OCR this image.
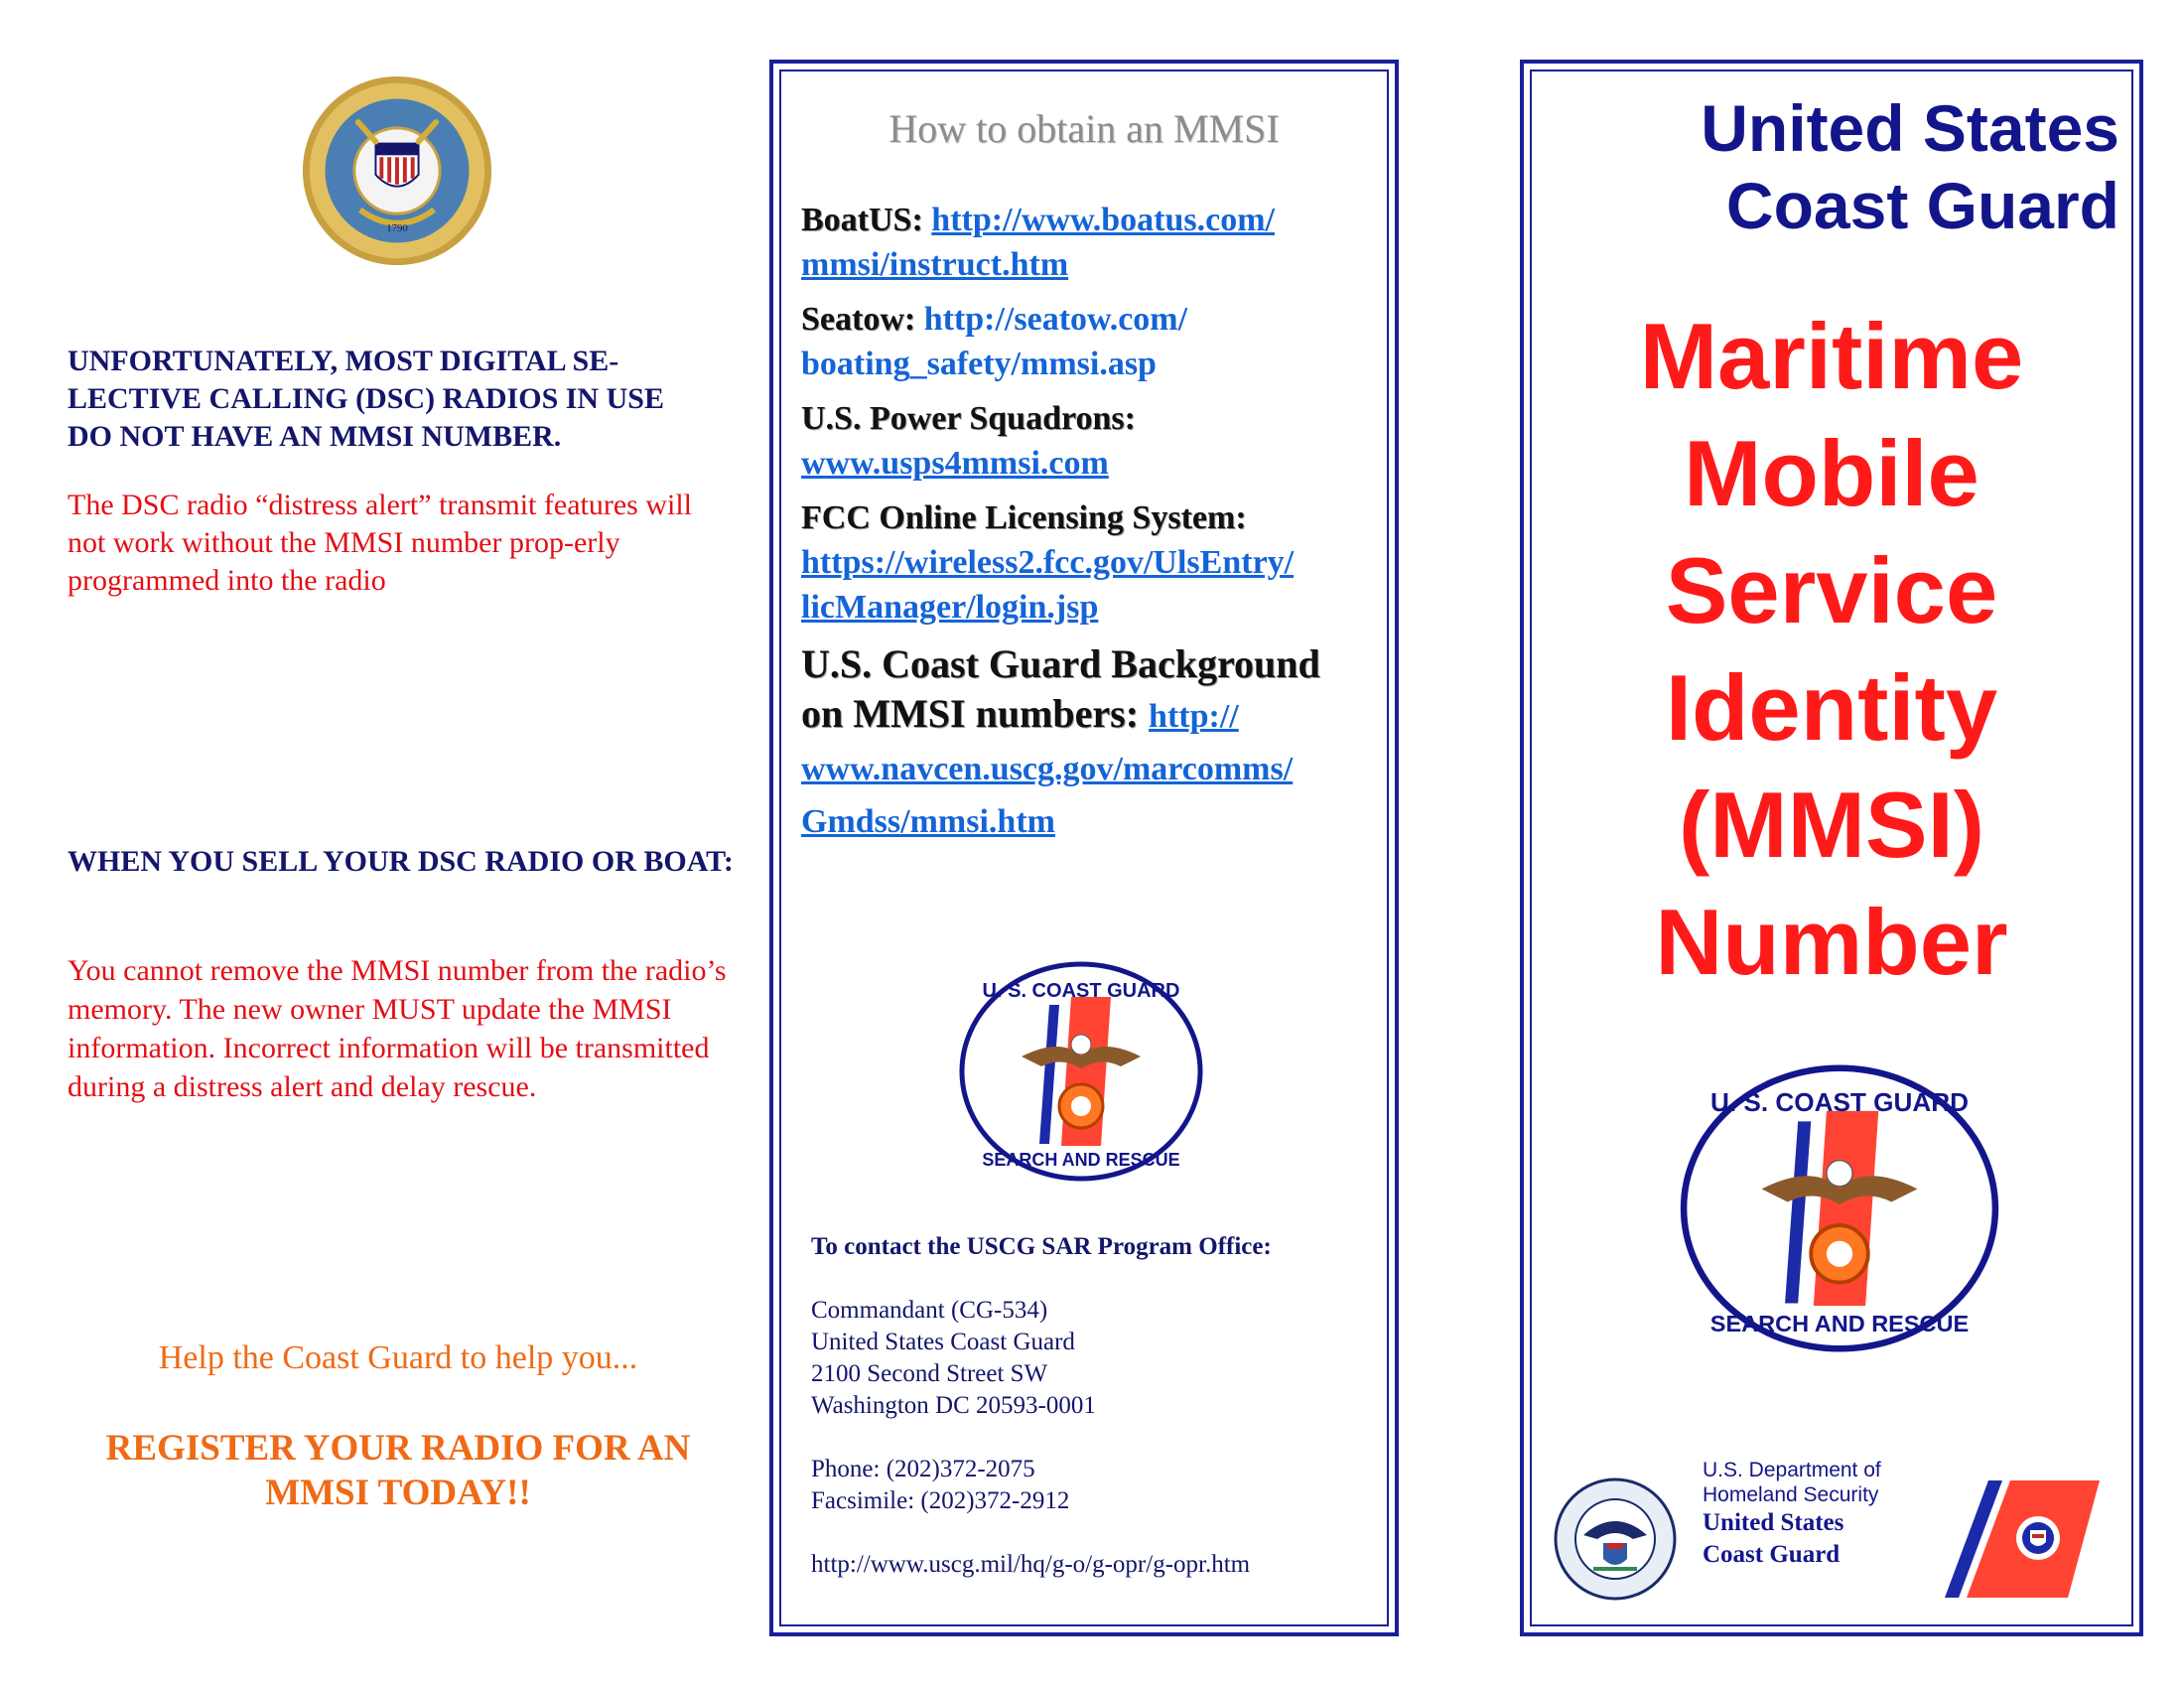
1790
UNFORTUNATELY, MOST DIGITAL SE-LECTIVE CALLING (DSC) RADIOS IN USE DO NOT HAVE AN MMSI NUMBER.
The DSC radio “distress alert” transmit features will not work without the MMSI number prop-erly programmed into the radio
WHEN YOU SELL YOUR DSC RADIO OR BOAT:
You cannot remove the MMSI number from the radio’s memory. The new owner MUST update the MMSI information. Incorrect information will be transmitted during a distress alert and delay rescue.
Help the Coast Guard to help you...
REGISTER YOUR RADIO FOR AN
MMSI TODAY!!
How to obtain an MMSI
BoatUS: http://www.boatus.com/
mmsi/instruct.htm
Seatow: http://seatow.com/
boating_safety/mmsi.asp
U.S. Power Squadrons:
www.usps4mmsi.com
FCC Online Licensing System:
https://wireless2.fcc.gov/UlsEntry/
licManager/login.jsp
U.S. Coast Guard Background
on MMSI numbers: http://
www.navcen.uscg.gov/marcomms/
Gmdss/mmsi.htm
U. S. COAST GUARD
SEARCH AND RESCUE
To contact the USCG SAR Program Office:
Commandant (CG-534)
United States Coast Guard
2100 Second Street SW
Washington DC 20593-0001
Phone: (202)372-2075
Facsimile: (202)372-2912
http://www.uscg.mil/hq/g-o/g-opr/g-opr.htm
United States
Coast Guard
Maritime
Mobile
Service
Identity
(MMSI)
Number
U. S. COAST GUARD
SEARCH AND RESCUE
U.S. Department of
Homeland Security
United States
Coast Guard
